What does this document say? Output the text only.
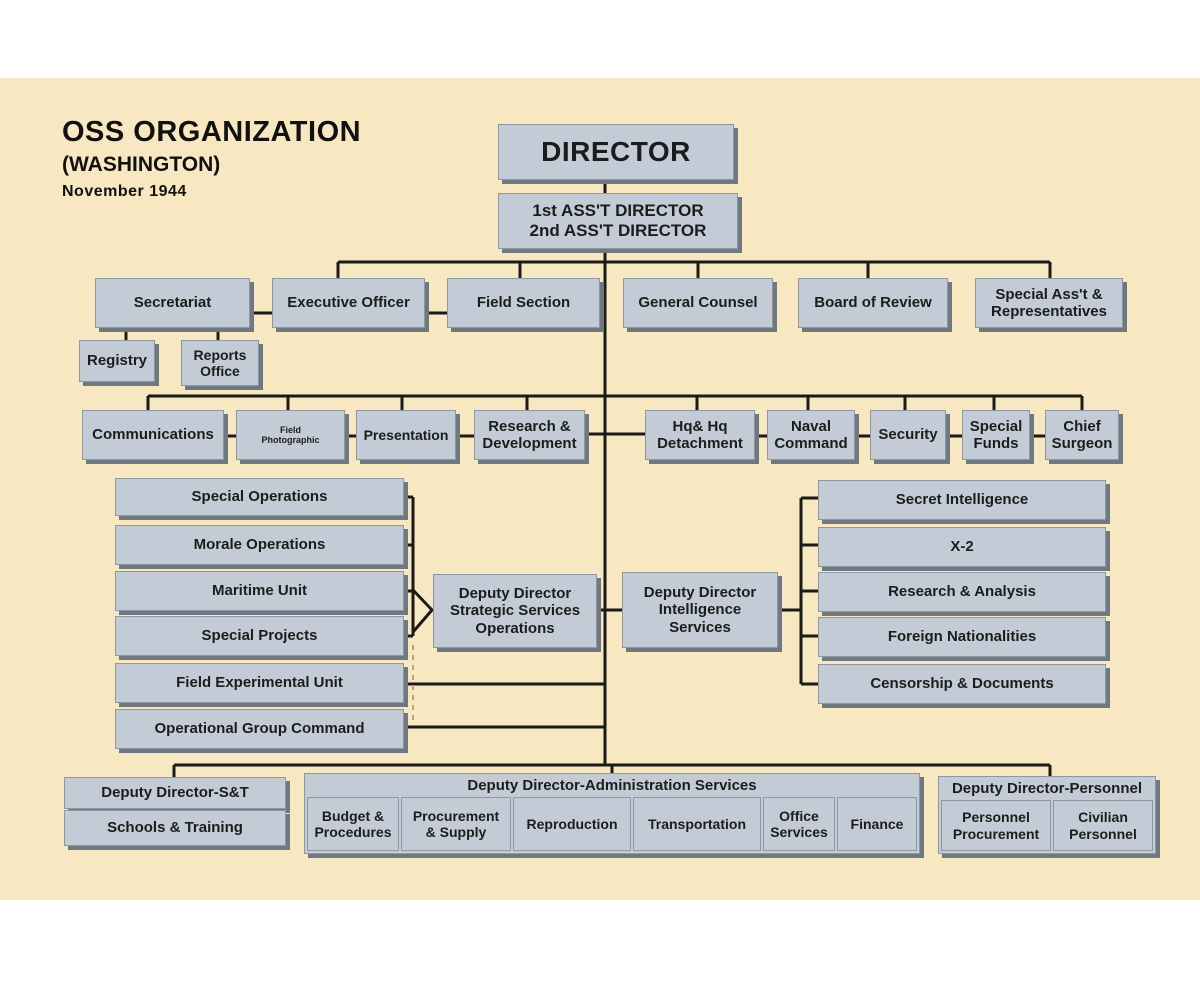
OSS ORGANIZATION
(WASHINGTON)
November 1944
DIRECTOR
1st ASS'T DIRECTOR
2nd ASS'T DIRECTOR
Secretariat	Executive Officer	Field Section	General Counsel	Board of Review
Special Ass't &
Representatives
Registry	Reports
Office
Communications	Field
Photographic	Presentation
Research &
Development
Hq& Hq
Detachment
Naval
Command
Security
Special
Funds
Chief
Surgeon
Special Operations
Morale Operations
Maritime Unit
Special Projects
Field Experimental Unit
Operational Group Command
Deputy Director
Strategic Services
Operations
Deputy Director
Intelligence
Services
Secret Intelligence
X-2
Research & Analysis
Foreign Nationalities
Censorship & Documents
Deputy Director-S&T
Schools & Training
Deputy Director-Administration Services
Budget &
Procedures
Procurement
& Supply
Reproduction Transportation
Office
Services
Finance
Deputy Director-Personnel
Personnel
Procurement
Civilian
Personnel
